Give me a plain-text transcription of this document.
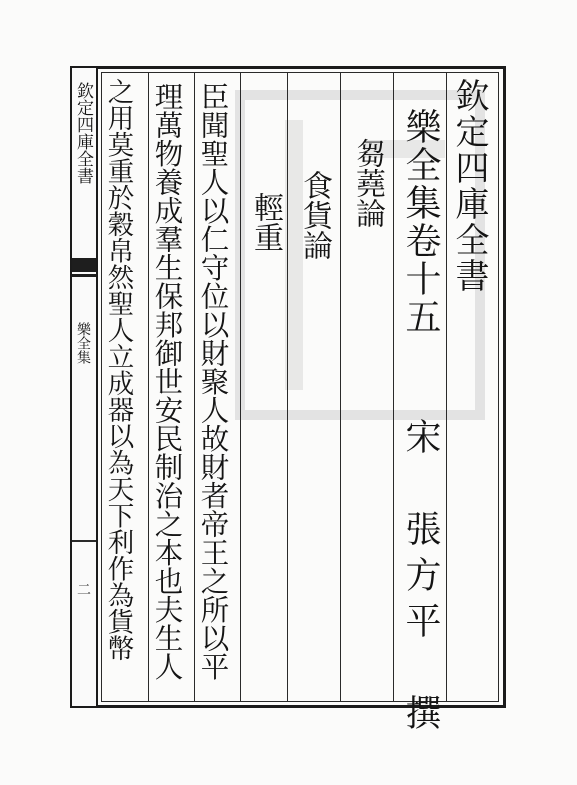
欽定四庫全書
樂全集
二
欽定四庫全書
樂全集卷十五
芻蕘論
宋　張方平　撰
食貨論
輕重
臣聞聖人以仁守位以財聚人故財者帝王之所以平
理萬物養成羣生保邦御世安民制治之本也夫生人
之用莫重於穀帛然聖人立成器以為天下利作為貨幣
